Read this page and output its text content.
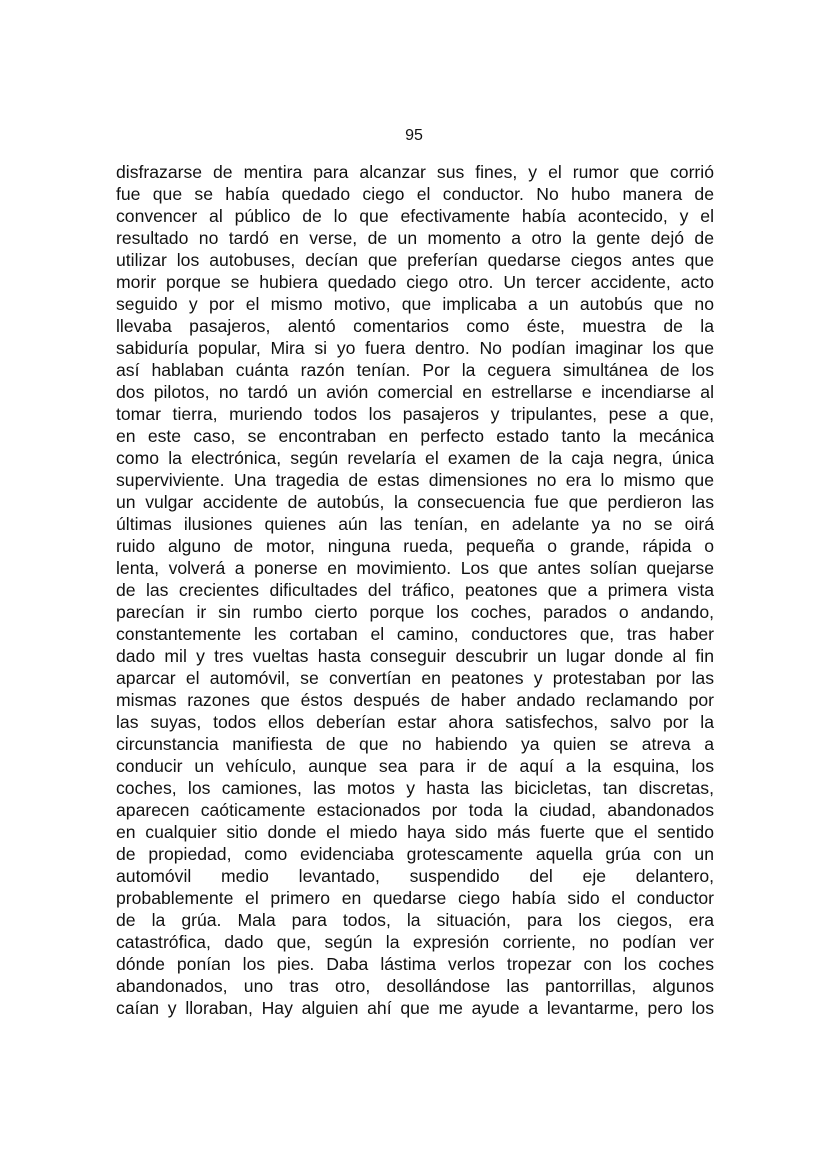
95
disfrazarse de mentira para alcanzar sus fines, y el rumor que corrió
fue que se había quedado ciego el conductor. No hubo manera de
convencer al público de lo que efectivamente había acontecido, y el
resultado no tardó en verse, de un momento a otro la gente dejó de
utilizar los autobuses, decían que preferían quedarse ciegos antes que
morir porque se hubiera quedado ciego otro. Un tercer accidente, acto
seguido y por el mismo motivo, que implicaba a un autobús que no
llevaba pasajeros, alentó comentarios como éste, muestra de la
sabiduría popular, Mira si yo fuera dentro. No podían imaginar los que
así hablaban cuánta razón tenían. Por la ceguera simultánea de los
dos pilotos, no tardó un avión comercial en estrellarse e incendiarse al
tomar tierra, muriendo todos los pasajeros y tripulantes, pese a que,
en este caso, se encontraban en perfecto estado tanto la mecánica
como la electrónica, según revelaría el examen de la caja negra, única
superviviente. Una tragedia de estas dimensiones no era lo mismo que
un vulgar accidente de autobús, la consecuencia fue que perdieron las
últimas ilusiones quienes aún las tenían, en adelante ya no se oirá
ruido alguno de motor, ninguna rueda, pequeña o grande, rápida o
lenta, volverá a ponerse en movimiento. Los que antes solían quejarse
de las crecientes dificultades del tráfico, peatones que a primera vista
parecían ir sin rumbo cierto porque los coches, parados o andando,
constantemente les cortaban el camino, conductores que, tras haber
dado mil y tres vueltas hasta conseguir descubrir un lugar donde al fin
aparcar el automóvil, se convertían en peatones y protestaban por las
mismas razones que éstos después de haber andado reclamando por
las suyas, todos ellos deberían estar ahora satisfechos, salvo por la
circunstancia manifiesta de que no habiendo ya quien se atreva a
conducir un vehículo, aunque sea para ir de aquí a la esquina, los
coches, los camiones, las motos y hasta las bicicletas, tan discretas,
aparecen caóticamente estacionados por toda la ciudad, abandonados
en cualquier sitio donde el miedo haya sido más fuerte que el sentido
de propiedad, como evidenciaba grotescamente aquella grúa con un
automóvil medio levantado, suspendido del eje delantero,
probablemente el primero en quedarse ciego había sido el conductor
de la grúa. Mala para todos, la situación, para los ciegos, era
catastrófica, dado que, según la expresión corriente, no podían ver
dónde ponían los pies. Daba lástima verlos tropezar con los coches
abandonados, uno tras otro, desollándose las pantorrillas, algunos
caían y lloraban, Hay alguien ahí que me ayude a levantarme, pero los
